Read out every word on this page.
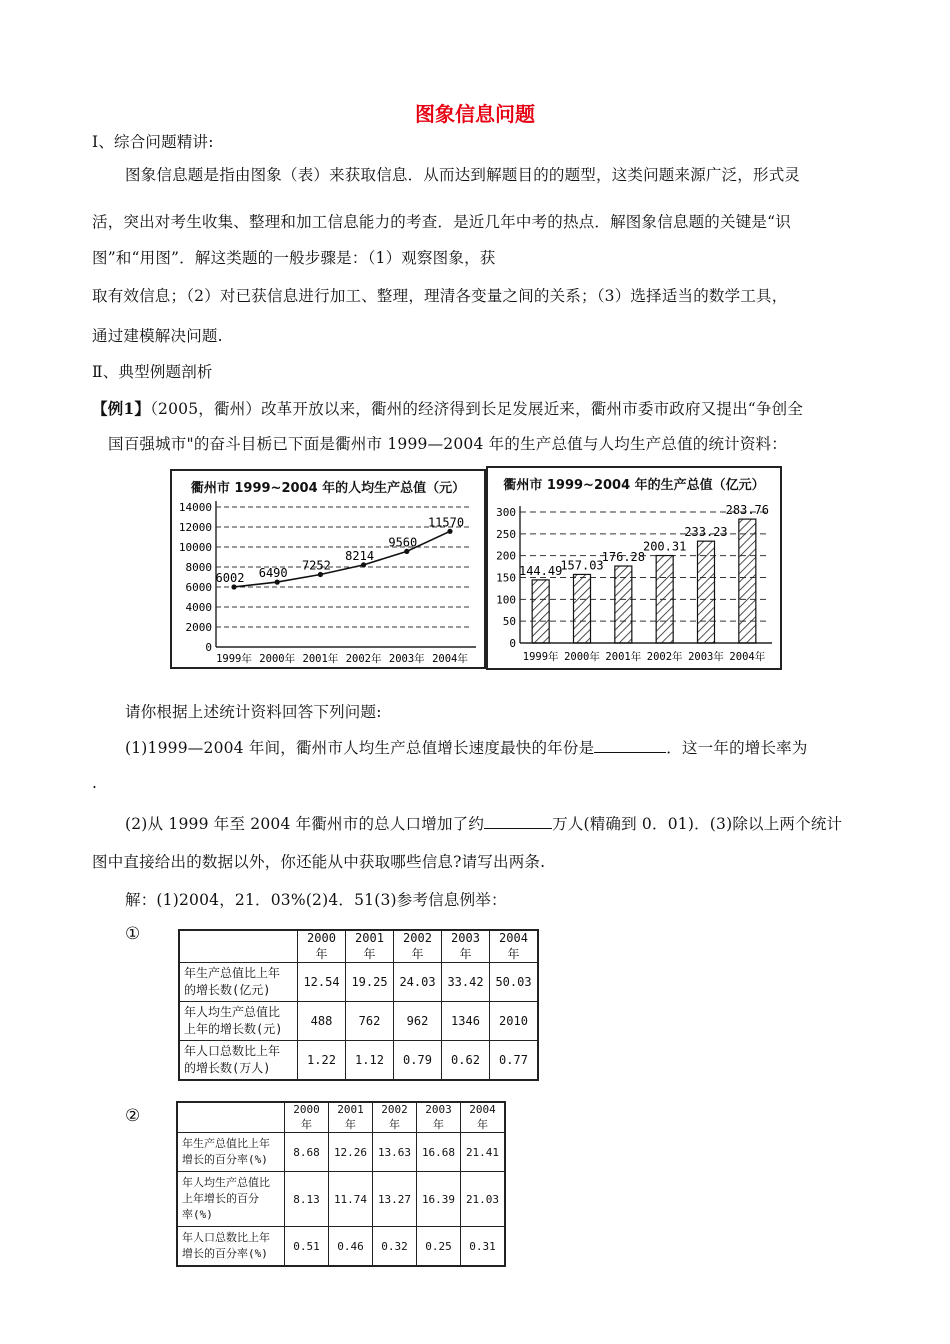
图象信息问题
Ⅰ、综合问题精讲:
图象信息题是指由图象（表）来获取信息．从而达到解题目的的题型，这类问题来源广泛，形式灵
活，突出对考生收集、整理和加工信息能力的考查．是近几年中考的热点．解图象信息题的关键是“识
图”和“用图”．解这类题的一般步骤是：（1）观察图象，获
取有效信息；（2）对已获信息进行加工、整理，理清各变量之间的关系；（3）选择适当的数学工具，
通过建模解决问题.
Ⅱ、典型例题剖析
【例1】（2005，衢州）改革开放以来，衢州的经济得到长足发展近来，衢州市委市政府又提出“争创全
国百强城市"的奋斗目栃已下面是衢州市 1999—2004 年的生产总值与人均生产总值的统计资料：
衢州市 1999~2004 年的人均生产总值（元）
0
2000
4000
6000
8000
10000
12000
14000
1999年 2000年 2001年 2002年 2003年 2004年
6002 6490
7252
8214
9560
11570
衢州市 1999~2004 年的生产总值（亿元）
0
50
100
150
200
250
300
144.49
1999年
157.03
2000年
176.28
2001年
200.31
2002年
233.23
2003年
283.76
2004年
请你根据上述统计资料回答下列问题:
(1)1999—2004 年间，衢州市人均生产总值增长速度最快的年份是	．这一年的增长率为
.
(2)从 1999 年至 2004 年衢州市的总人口增加了约	万人(精确到 0．01)．(3)除以上两个统计
图中直接给出的数据以外，你还能从中获取哪些信息?请写出两条.
解：(1)2004，21．03%(2)4．51(3)参考信息例举：
①
		2000 年	2001 年	2002 年	2003 年	2004 年

年生产总值比上年
的增长数(亿元)	12.54	19.25	24.03	33.42	50.03

年人均生产总值比
上年的增长数(元)	488	762	962	1346	2010

年人口总数比上年
的增长数(万人)	1.22	1.12	0.79	0.62	0.77
②
		2000 年	2001 年	2002 年	2003 年	2004 年

年生产总值比上年
增长的百分率(%)	8.68	12.26	13.63	16.68	21.41

年人均生产总值比
上年增长的百分
率(%)	8.13	11.74	13.27	16.39	21.03

年人口总数比上年
增长的百分率(%)	0.51	0.46	0.32	0.25	0.31
